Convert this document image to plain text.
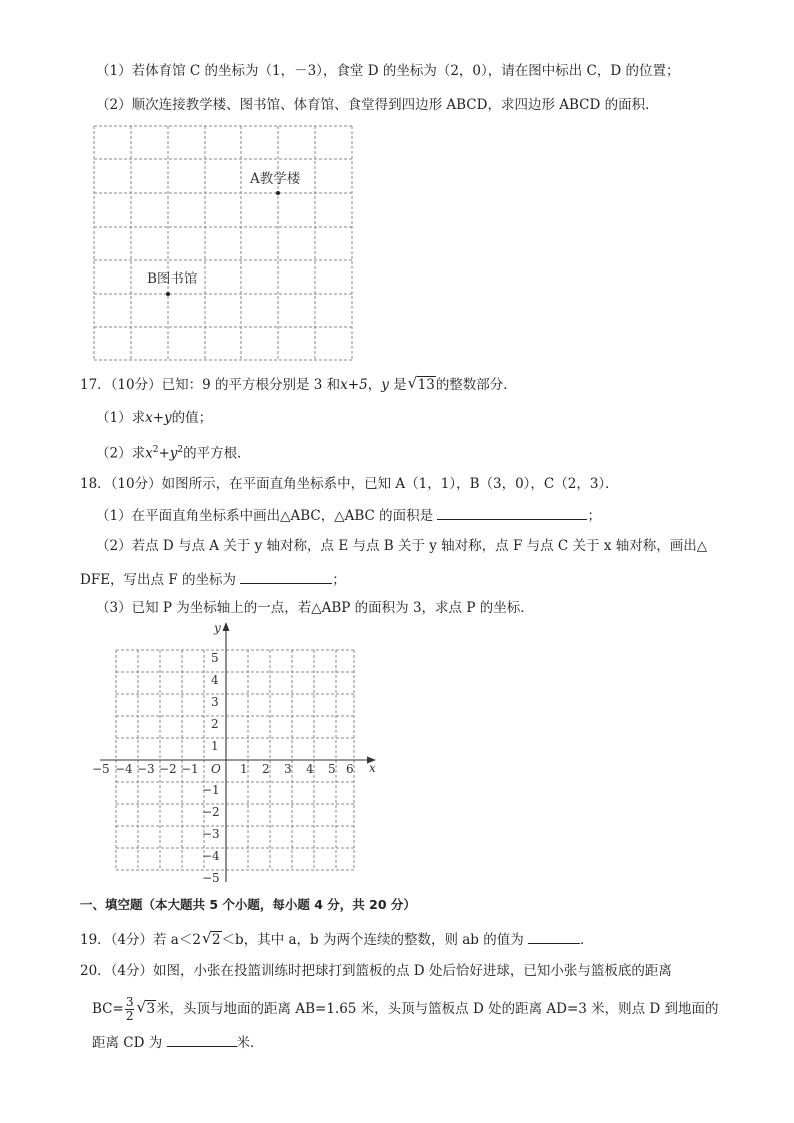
（1）若体育馆 C 的坐标为（1，－3），食堂 D 的坐标为（2，0），请在图中标出 C，D 的位置；
（2）顺次连接教学楼、图书馆、体育馆、食堂得到四边形 ABCD，求四边形 ABCD 的面积．
A教学楼
B图书馆
17．（10分）已知：9 的平方根分别是 3 和x+5，y 是 √ 13的整数部分．
（1）求x+y的值；
（2）求$x^2+y^2$的平方根．
18．（10分）如图所示，在平面直角坐标系中，已知 A（1，1），B（3，0），C（2，3）．
（1）在平面直角坐标系中画出△ABC，△ABC 的面积是	；
（2）若点 D 与点 A 关于 y 轴对称，点 E 与点 B 关于 y 轴对称，点 F 与点 C 关于 x 轴对称，画出△
DFE，写出点 F 的坐标为	；
（3）已知 P 为坐标轴上的一点，若△ABP 的面积为 3，求点 P 的坐标．
x
y
O
−5 −4 −3 −2 −1	1 2 3 4 5 6
5
4
3
2
1
−1
−2
−3
−4
−5
一、填空题（本大题共 5 个小题，每小题 4 分，共 20 分）
19．（4分）若 a＜2 √ 2＜b，其中 a，b 为两个连续的整数，则 ab 的值为	．
20．（4分）如图，小张在投篮训练时把球打到篮板的点 D 处后恰好进球，已知小张与篮板底的距离
$BC= \frac{3}{2}$ √ 3米，头顶与地面的距离 AB=1.65 米，头顶与篮板点 D 处的距离 AD=3 米，则点 D 到地面的
距离 CD 为	米．
